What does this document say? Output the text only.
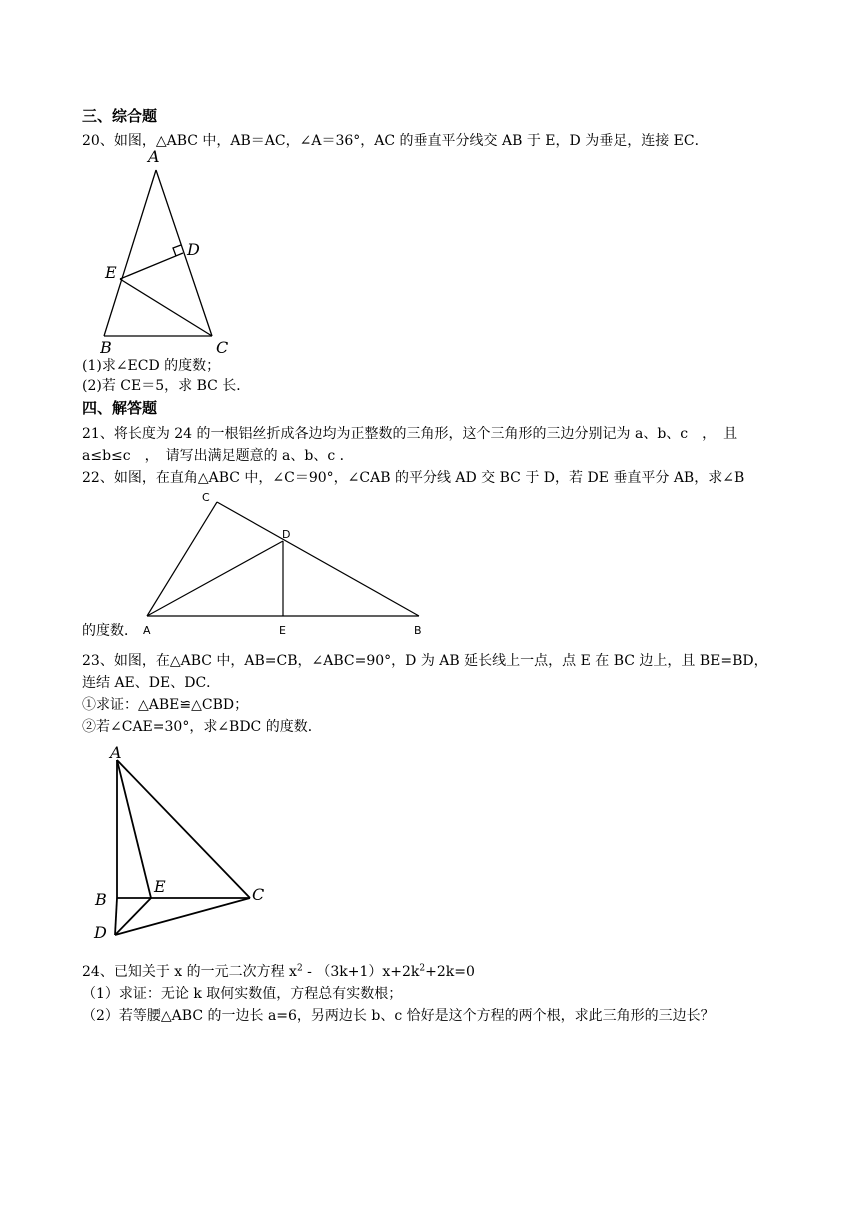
三、综合题
20、如图，△ABC 中，AB＝AC，∠A＝36°，AC 的垂直平分线交 AB 于 E，D 为垂足，连接 EC．
A
B	C
D
E
(1)求∠ECD 的度数；
(2)若 CE＝5，求 BC 长．
四、解答题
21、将长度为 24 的一根铝丝折成各边均为正整数的三角形，这个三角形的三边分别记为 a、b、c　，　且
a≤b≤c　，　请写出满足题意的 a、b、c ．
22、如图，在直角△ABC 中，∠C＝90°，∠CAB 的平分线 AD 交 BC 于 D，若 DE 垂直平分 AB，求∠B
C
D
A	E	B
的度数．
23、如图，在△ABC 中，AB=CB，∠ABC=90°，D 为 AB 延长线上一点，点 E 在 BC 边上，且 BE=BD，
连结 AE、DE、DC．
①求证：△ABE≌△CBD；
②若∠CAE=30°，求∠BDC 的度数．
A
B
E	C
D
24、已知关于 x 的一元二次方程 $x^2 - (3k+1)x+2k^2+2k=0$
（1）求证：无论 k 取何实数值，方程总有实数根；
（2）若等腰△ABC 的一边长 a=6，另两边长 b、c 恰好是这个方程的两个根，求此三角形的三边长？
